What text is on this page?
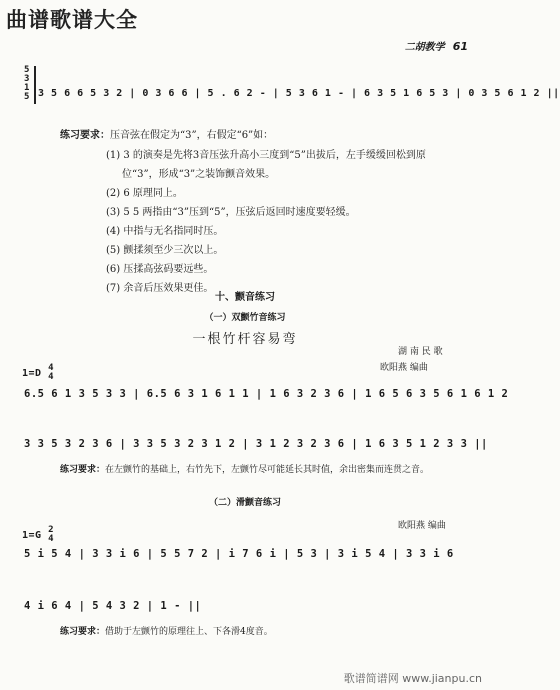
曲谱歌谱大全
二胡教学 61
5
3
1
5 3 5 6 6 5 3 2 | 0 3 6 6 | 5 . 6 2 - | 5 3 6 1 - | 6 3 5 1 6 5 3 | 0 3 5 6 1 2 ||
练习要求：压音弦在假定为“3”，右假定“6”如：
(1) 3 的演奏是先将3音压弦升高小三度到“5”出拔后，左手缓缓回松到原
位“3”，形成“3”之装饰颤音效果。
(2) 6 原理同上。
(3) 5 5 两指由“3”压到“5”，压弦后返回时速度要轻缓。
(4) 中指与无名指同时压。
(5) 颤揉须至少三次以上。
(6) 压揉高弦码要远些。
(7) 余音后压效果更佳。
十、颤音练习
（一）双颤竹音练习
一根竹杆容易弯
湖 南 民 歌
欧阳燕 编曲
1=D 4
4
6.5 6 1 3 5 3 3 | 6.5 6 3 1 6 1 1 | 1 6 3 2 3 6 | 1 6 5 6 3 5 6 1 6 1 2
3 3 5 3 2 3 6 | 3 3 5 3 2 3 1 2 | 3 1 2 3 2 3 6 | 1 6 3 5 1 2 3 3 ||
练习要求：在左颤竹的基础上，右竹先下，左颤竹尽可能延长其时值，余出密集而连贯之音。
（二）滑颤音练习
欧阳燕 编曲
1=G 2
4
5 i 5 4 | 3 3 i 6 | 5 5 7 2 | i 7 6 i | 5 3 | 3 i 5 4 | 3 3 i 6
4 i 6 4 | 5 4 3 2 | 1 - ||
练习要求：借助于左颤竹的原理往上、下各滑4度音。
歌谱简谱网 www.jianpu.cn
